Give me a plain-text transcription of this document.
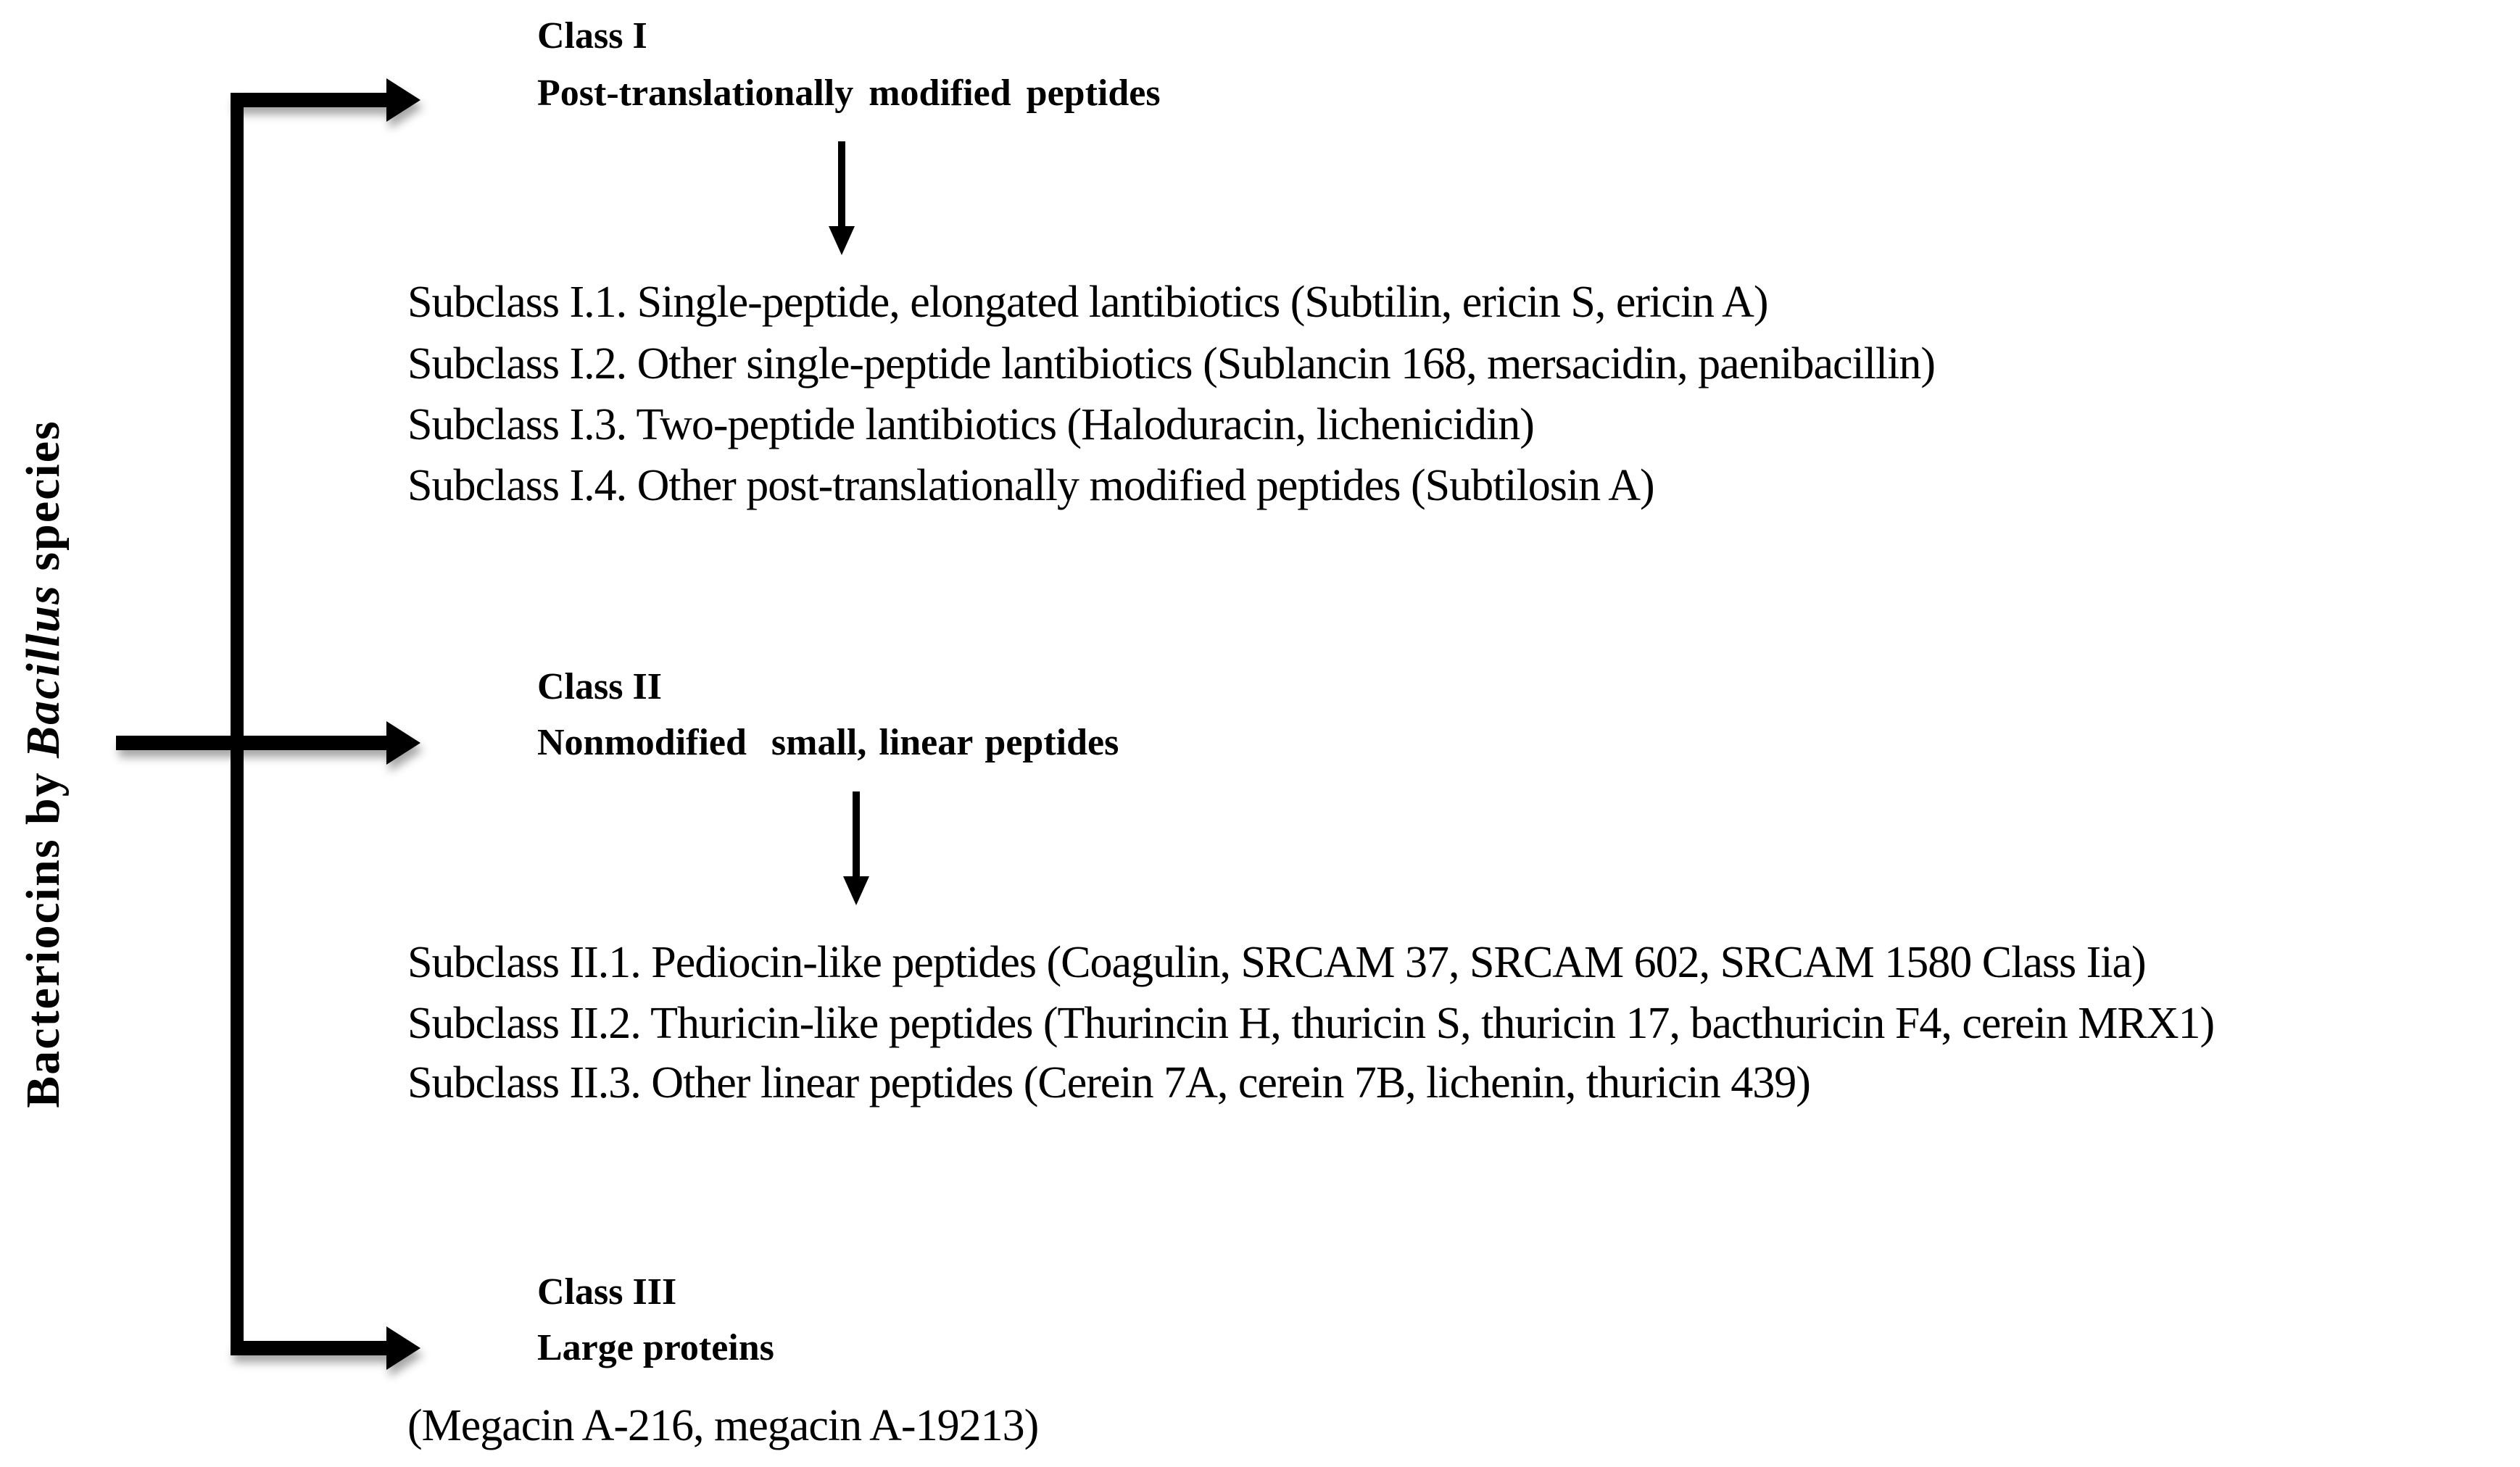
Bacteriocins by Bacillus species
Class I
Post-translationally modified peptides
Subclass I.1. Single-peptide, elongated lantibiotics (Subtilin, ericin S, ericin A)
Subclass I.2. Other single-peptide lantibiotics (Sublancin 168, mersacidin, paenibacillin)
Subclass I.3. Two-peptide lantibiotics (Haloduracin, lichenicidin)
Subclass I.4. Other post-translationally modified peptides (Subtilosin A)
Class II
Nonmodified  small, linear peptides
Subclass II.1. Pediocin-like peptides (Coagulin, SRCAM 37, SRCAM 602, SRCAM 1580 Class Iia)
Subclass II.2. Thuricin-like peptides (Thurincin H, thuricin S, thuricin 17, bacthuricin F4, cerein MRX1)
Subclass II.3. Other linear peptides (Cerein 7A, cerein 7B, lichenin, thuricin 439)
Class III
Large proteins
(Megacin A-216, megacin A-19213)
